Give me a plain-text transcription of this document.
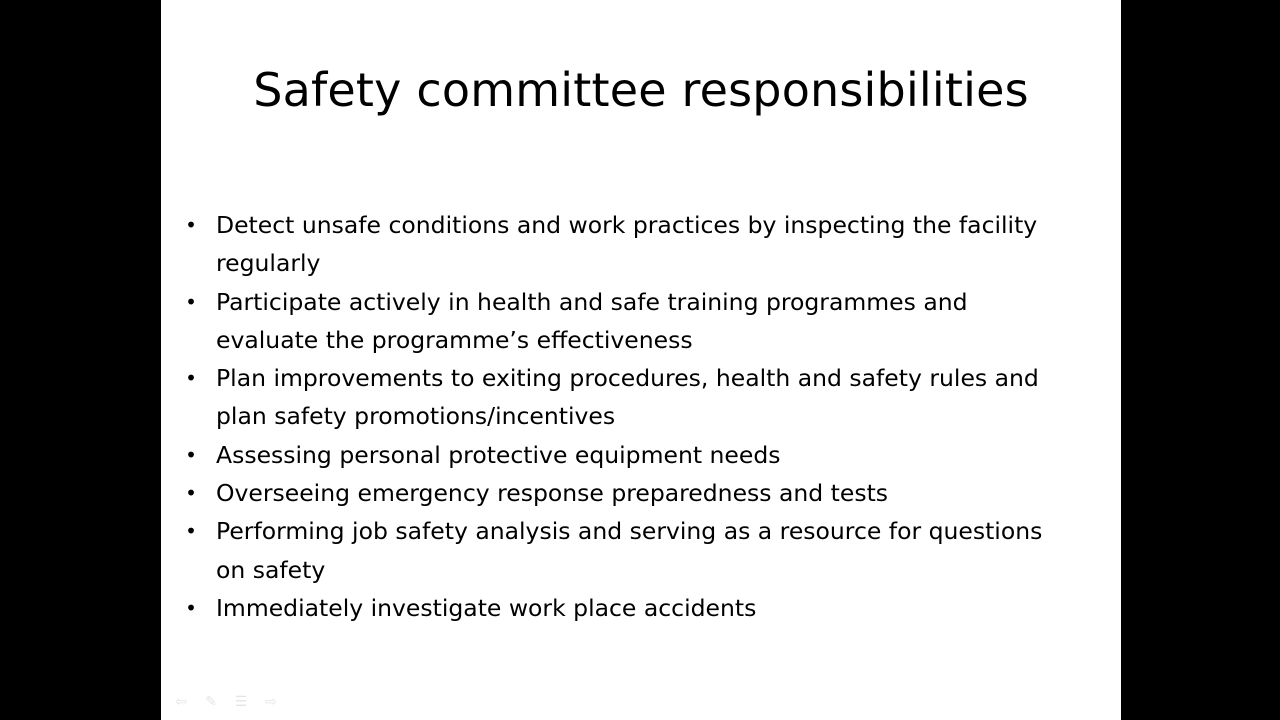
Safety committee responsibilities
• Detect unsafe conditions and work practices by inspecting the facility regularly
• Participate actively in health and safe training programmes and evaluate the programme’s effectiveness
• Plan improvements to exiting procedures, health and safety rules and plan safety promotions/incentives
• Assessing personal protective equipment needs
• Overseeing emergency response preparedness and tests
• Performing job safety analysis and serving as a resource for questions on safety
• Immediately investigate work place accidents
⇦ ✎ ☰ ⇨
